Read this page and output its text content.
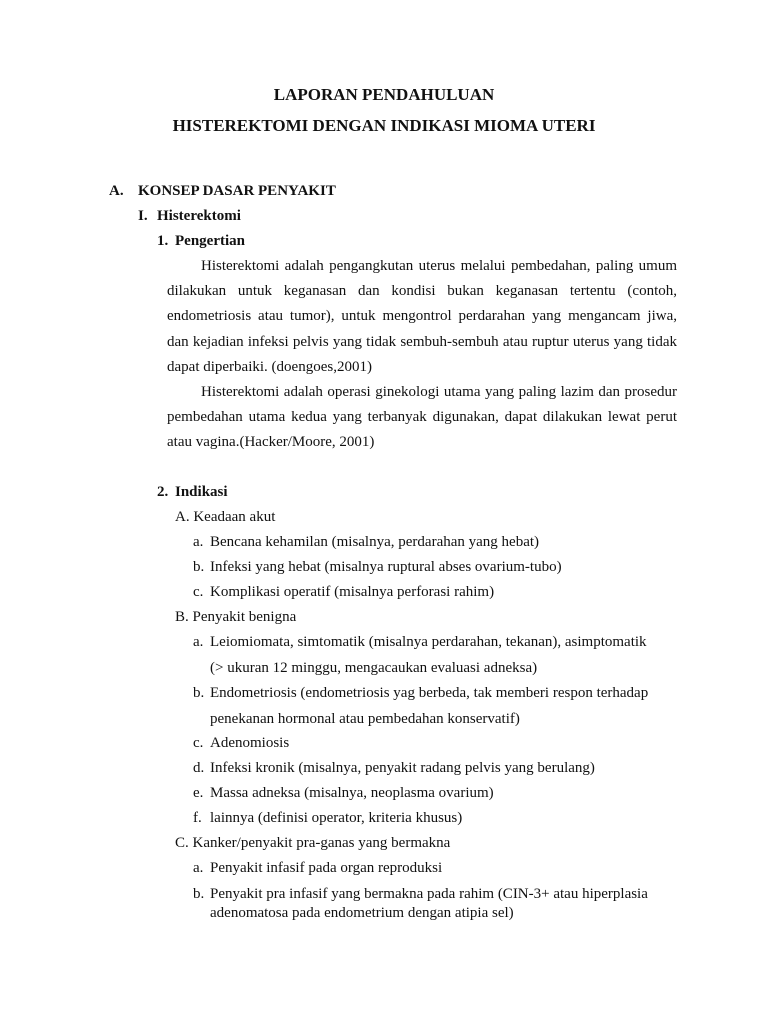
LAPORAN PENDAHULUAN
HISTEREKTOMI DENGAN INDIKASI MIOMA UTERI
A. KONSEP DASAR PENYAKIT
I. Histerektomi
1. Pengertian
Histerektomi adalah pengangkutan uterus melalui pembedahan, paling umum dilakukan untuk keganasan dan kondisi bukan keganasan tertentu (contoh, endometriosis atau tumor), untuk mengontrol perdarahan yang mengancam jiwa, dan kejadian infeksi pelvis yang tidak sembuh-sembuh atau ruptur uterus yang tidak dapat diperbaiki. (doengoes,2001)
Histerektomi adalah operasi ginekologi utama yang paling lazim dan prosedur pembedahan utama kedua yang terbanyak digunakan, dapat dilakukan lewat perut atau vagina.(Hacker/Moore, 2001)
2. Indikasi
A. Keadaan akut
a. Bencana kehamilan (misalnya, perdarahan yang hebat)
b. Infeksi yang hebat (misalnya ruptural abses ovarium-tubo)
c. Komplikasi operatif (misalnya perforasi rahim)
B. Penyakit benigna
a. Leiomiomata, simtomatik (misalnya perdarahan, tekanan), asimptomatik
(> ukuran 12 minggu, mengacaukan evaluasi adneksa)
b. Endometriosis (endometriosis yag berbeda, tak memberi respon terhadap
penekanan hormonal atau pembedahan konservatif)
c. Adenomiosis
d. Infeksi kronik (misalnya, penyakit radang pelvis yang berulang)
e. Massa adneksa (misalnya, neoplasma ovarium)
f. lainnya (definisi operator, kriteria khusus)
C. Kanker/penyakit pra-ganas yang bermakna
a. Penyakit infasif pada organ reproduksi
b. Penyakit pra infasif yang bermakna pada rahim (CIN-3+ atau hiperplasia
adenomatosa pada endometrium dengan atipia sel)
